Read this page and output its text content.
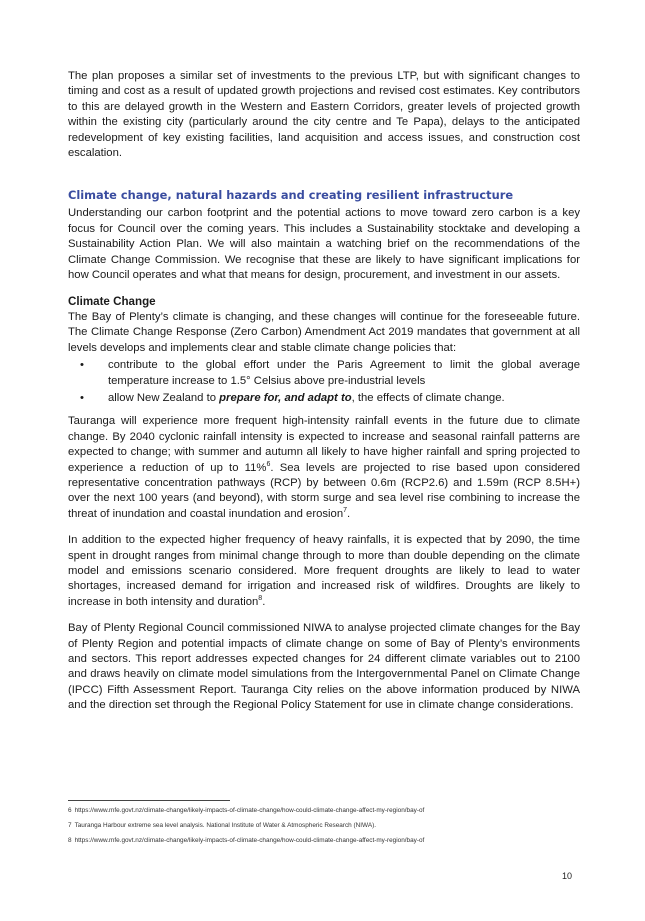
The plan proposes a similar set of investments to the previous LTP, but with significant changes to timing and cost as a result of updated growth projections and revised cost estimates. Key contributors to this are delayed growth in the Western and Eastern Corridors, greater levels of projected growth within the existing city (particularly around the city centre and Te Papa), delays to the anticipated redevelopment of key existing facilities, land acquisition and access issues, and construction cost escalation.

Climate change, natural hazards and creating resilient infrastructure

Understanding our carbon footprint and the potential actions to move toward zero carbon is a key focus for Council over the coming years. This includes a Sustainability stocktake and developing a Sustainability Action Plan. We will also maintain a watching brief on the recommendations of the Climate Change Commission. We recognise that these are likely to have significant implications for how Council operates and what that means for design, procurement, and investment in our assets.

Climate Change

The Bay of Plenty’s climate is changing, and these changes will continue for the foreseeable future. The Climate Change Response (Zero Carbon) Amendment Act 2019 mandates that government at all levels develops and implements clear and stable climate change policies that:

• contribute to the global effort under the Paris Agreement to limit the global average temperature increase to 1.5° Celsius above pre-industrial levels
• allow New Zealand to prepare for, and adapt to, the effects of climate change.

Tauranga will experience more frequent high-intensity rainfall events in the future due to climate change. By 2040 cyclonic rainfall intensity is expected to increase and seasonal rainfall patterns are expected to change; with summer and autumn all likely to have higher rainfall and spring projected to experience a reduction of up to 11%$^6$. Sea levels are projected to rise based upon considered representative concentration pathways (RCP) by between 0.6m (RCP2.6) and 1.59m (RCP 8.5H+) over the next 100 years (and beyond), with storm surge and sea level rise combining to increase the threat of inundation and coastal inundation and erosion$^7$.

In addition to the expected higher frequency of heavy rainfalls, it is expected that by 2090, the time spent in drought ranges from minimal change through to more than double depending on the climate model and emissions scenario considered. More frequent droughts are likely to lead to water shortages, increased demand for irrigation and increased risk of wildfires. Droughts are likely to increase in both intensity and duration$^8$.

Bay of Plenty Regional Council commissioned NIWA to analyse projected climate changes for the Bay of Plenty Region and potential impacts of climate change on some of Bay of Plenty’s environments and sectors. This report addresses expected changes for 24 different climate variables out to 2100 and draws heavily on climate model simulations from the Intergovernmental Panel on Climate Change (IPCC) Fifth Assessment Report. Tauranga City relies on the above information produced by NIWA and the direction set through the Regional Policy Statement for use in climate change considerations.

6 https://www.mfe.govt.nz/climate-change/likely-impacts-of-climate-change/how-could-climate-change-affect-my-region/bay-of

7 Tauranga Harbour extreme sea level analysis. National Institute of Water & Atmospheric Research (NIWA).

8 https://www.mfe.govt.nz/climate-change/likely-impacts-of-climate-change/how-could-climate-change-affect-my-region/bay-of

10
